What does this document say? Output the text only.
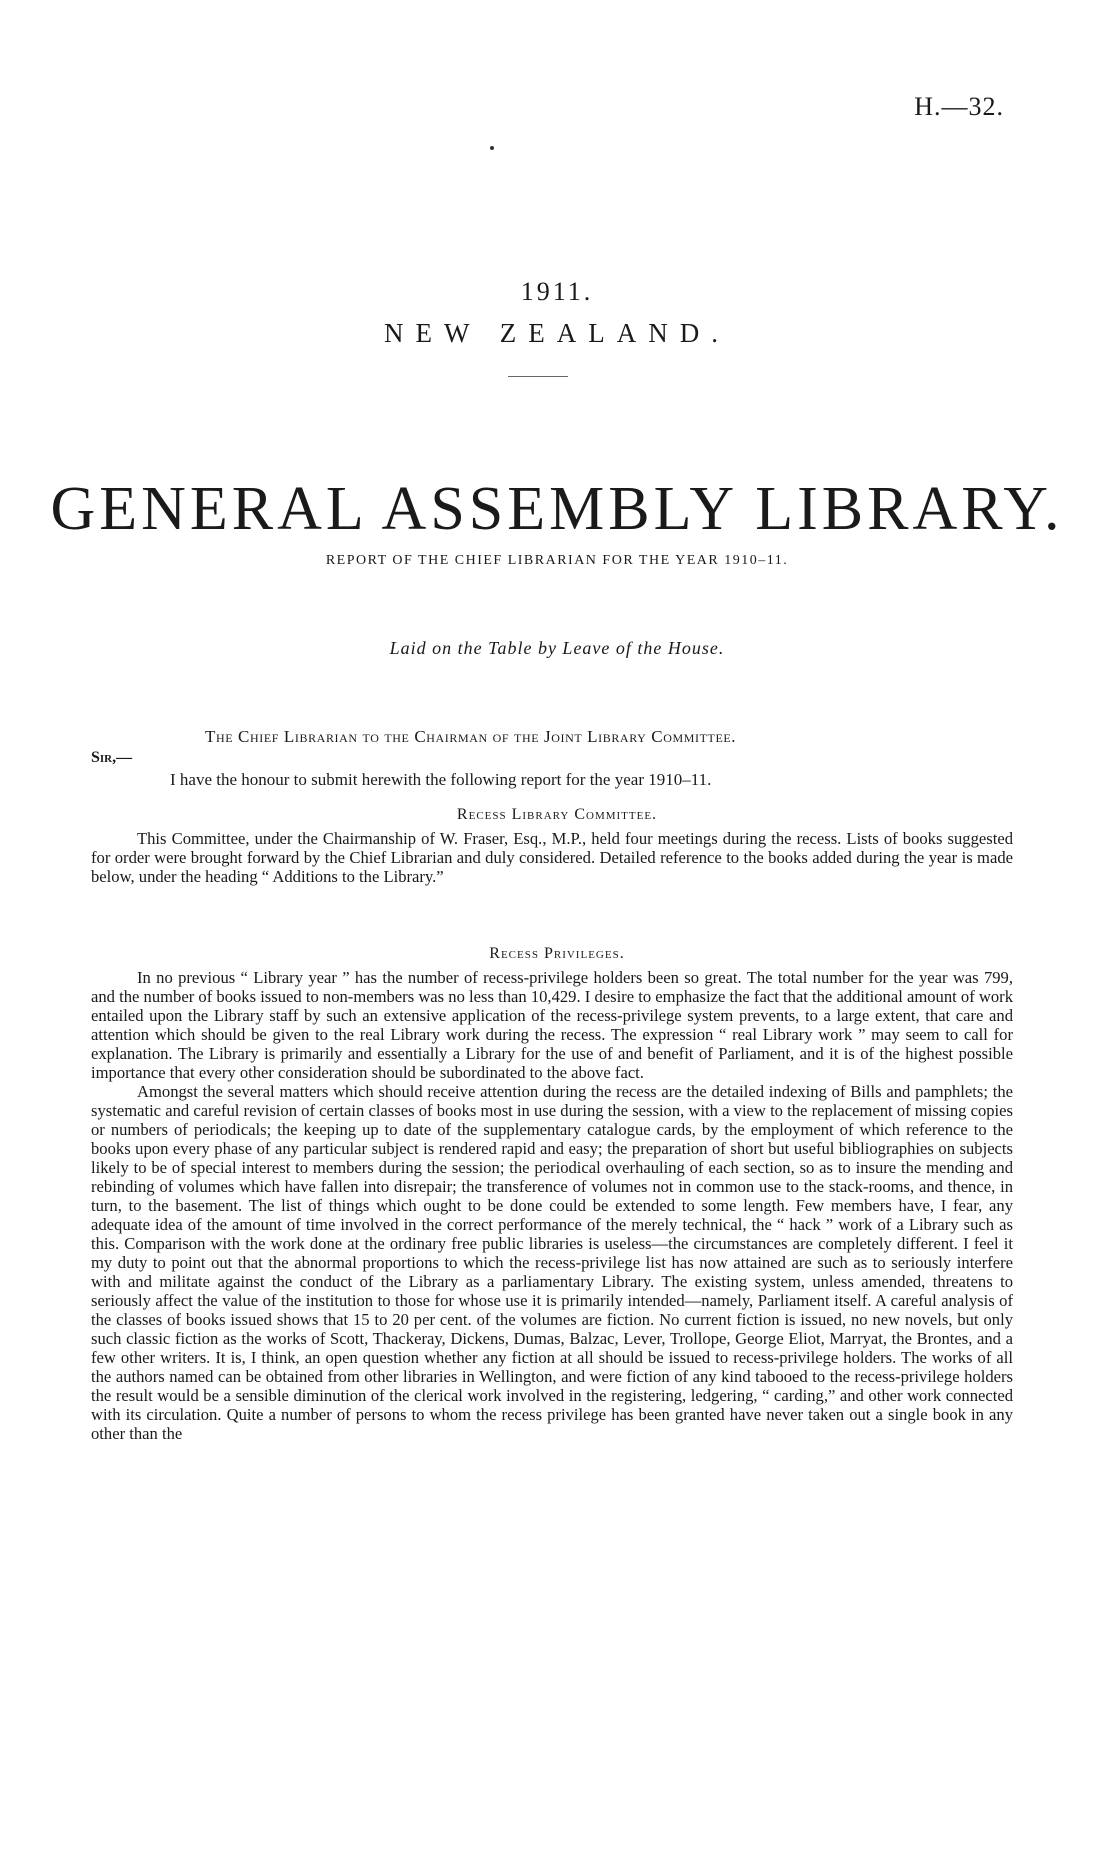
H.—32.
1911.
NEW ZEALAND.
GENERAL ASSEMBLY LIBRARY.
REPORT OF THE CHIEF LIBRARIAN FOR THE YEAR 1910–11.
Laid on the Table by Leave of the House.
The Chief Librarian to the Chairman of the Joint Library Committee.
Sir,—
I have the honour to submit herewith the following report for the year 1910–11.
Recess Library Committee.

This Committee, under the Chairmanship of W. Fraser, Esq., M.P., held four meetings during the recess. Lists of books suggested for order were brought forward by the Chief Librarian and duly considered. Detailed reference to the books added during the year is made below, under the heading “ Additions to the Library.”

Recess Privileges.

In no previous “ Library year ” has the number of recess-privilege holders been so great. The total number for the year was 799, and the number of books issued to non-members was no less than 10,429. I desire to emphasize the fact that the additional amount of work entailed upon the Library staff by such an extensive application of the recess-privilege system prevents, to a large extent, that care and attention which should be given to the real Library work during the recess. The expression “ real Library work ” may seem to call for explanation. The Library is primarily and essentially a Library for the use of and benefit of Parliament, and it is of the highest possible importance that every other consideration should be subordinated to the above fact.

Amongst the several matters which should receive attention during the recess are the detailed indexing of Bills and pamphlets; the systematic and careful revision of certain classes of books most in use during the session, with a view to the replacement of missing copies or numbers of periodicals; the keeping up to date of the supplementary catalogue cards, by the employment of which reference to the books upon every phase of any particular subject is rendered rapid and easy; the preparation of short but useful bibliographies on subjects likely to be of special interest to members during the session; the periodical overhauling of each section, so as to insure the mending and rebinding of volumes which have fallen into disrepair; the transference of volumes not in common use to the stack-rooms, and thence, in turn, to the basement. The list of things which ought to be done could be extended to some length. Few members have, I fear, any adequate idea of the amount of time involved in the correct performance of the merely technical, the “ hack ” work of a Library such as this. Comparison with the work done at the ordinary free public libraries is useless—the circumstances are completely different. I feel it my duty to point out that the abnormal proportions to which the recess-privilege list has now attained are such as to seriously interfere with and militate against the conduct of the Library as a parliamentary Library. The existing system, unless amended, threatens to seriously affect the value of the institution to those for whose use it is primarily intended—namely, Parliament itself. A careful analysis of the classes of books issued shows that 15 to 20 per cent. of the volumes are fiction. No current fiction is issued, no new novels, but only such classic fiction as the works of Scott, Thackeray, Dickens, Dumas, Balzac, Lever, Trollope, George Eliot, Marryat, the Brontes, and a few other writers. It is, I think, an open question whether any fiction at all should be issued to recess-privilege holders. The works of all the authors named can be obtained from other libraries in Wellington, and were fiction of any kind tabooed to the recess-privilege holders the result would be a sensible diminution of the clerical work involved in the registering, ledgering, “ carding,” and other work connected with its circulation. Quite a number of persons to whom the recess privilege has been granted have never taken out a single book in any other than the
